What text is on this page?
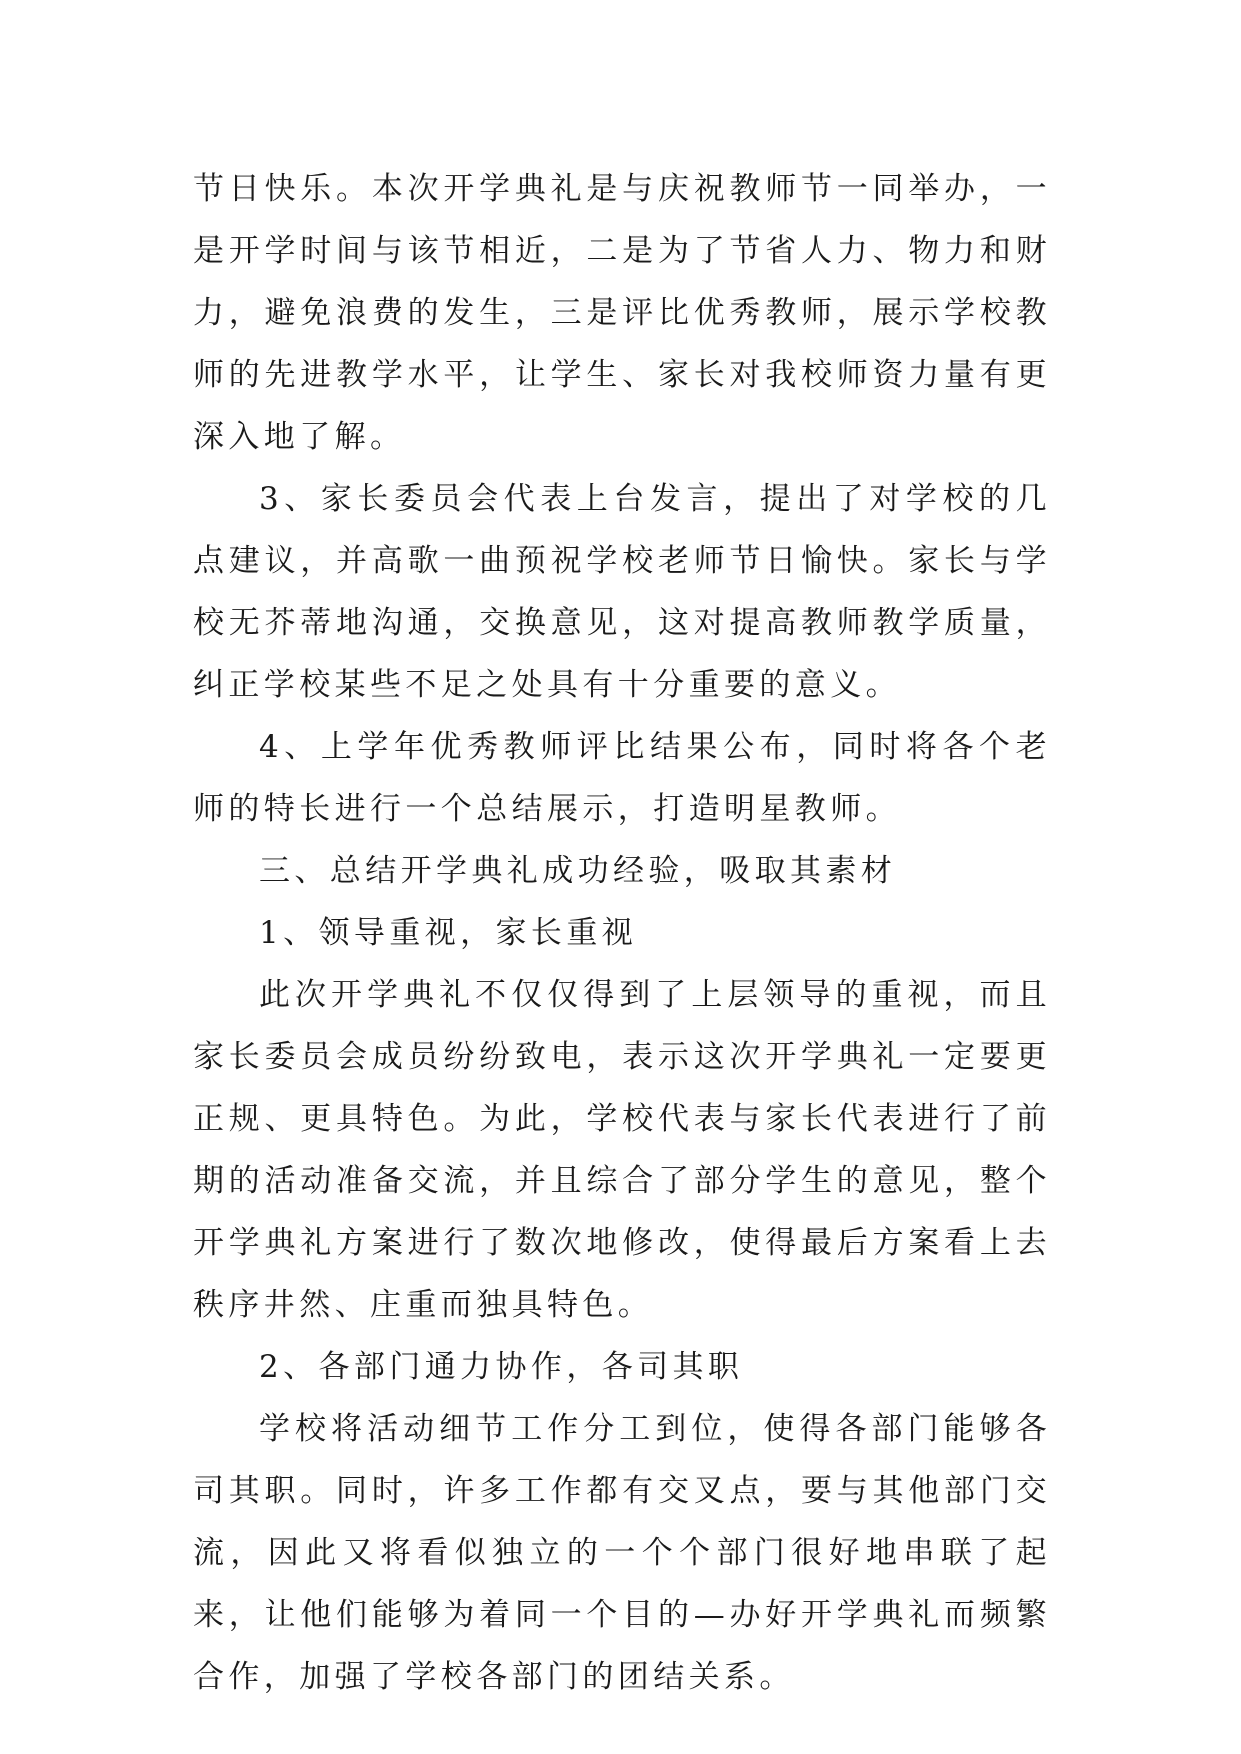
节日快乐。本次开学典礼是与庆祝教师节一同举办，一是开学时间与该节相近，二是为了节省人力、物力和财力，避免浪费的发生，三是评比优秀教师，展示学校教师的先进教学水平，让学生、家长对我校师资力量有更深入地了解。

3、家长委员会代表上台发言，提出了对学校的几点建议，并高歌一曲预祝学校老师节日愉快。家长与学校无芥蒂地沟通，交换意见，这对提高教师教学质量，纠正学校某些不足之处具有十分重要的意义。

4、上学年优秀教师评比结果公布，同时将各个老师的特长进行一个总结展示，打造明星教师。

三、总结开学典礼成功经验，吸取其素材

1、领导重视，家长重视

此次开学典礼不仅仅得到了上层领导的重视，而且家长委员会成员纷纷致电，表示这次开学典礼一定要更正规、更具特色。为此，学校代表与家长代表进行了前期的活动准备交流，并且综合了部分学生的意见，整个开学典礼方案进行了数次地修改，使得最后方案看上去秩序井然、庄重而独具特色。

2、各部门通力协作，各司其职

学校将活动细节工作分工到位，使得各部门能够各司其职。同时，许多工作都有交叉点，要与其他部门交流，因此又将看似独立的一个个部门很好地串联了起来，让他们能够为着同一个目的—办好开学典礼而频繁合作，加强了学校各部门的团结关系。
